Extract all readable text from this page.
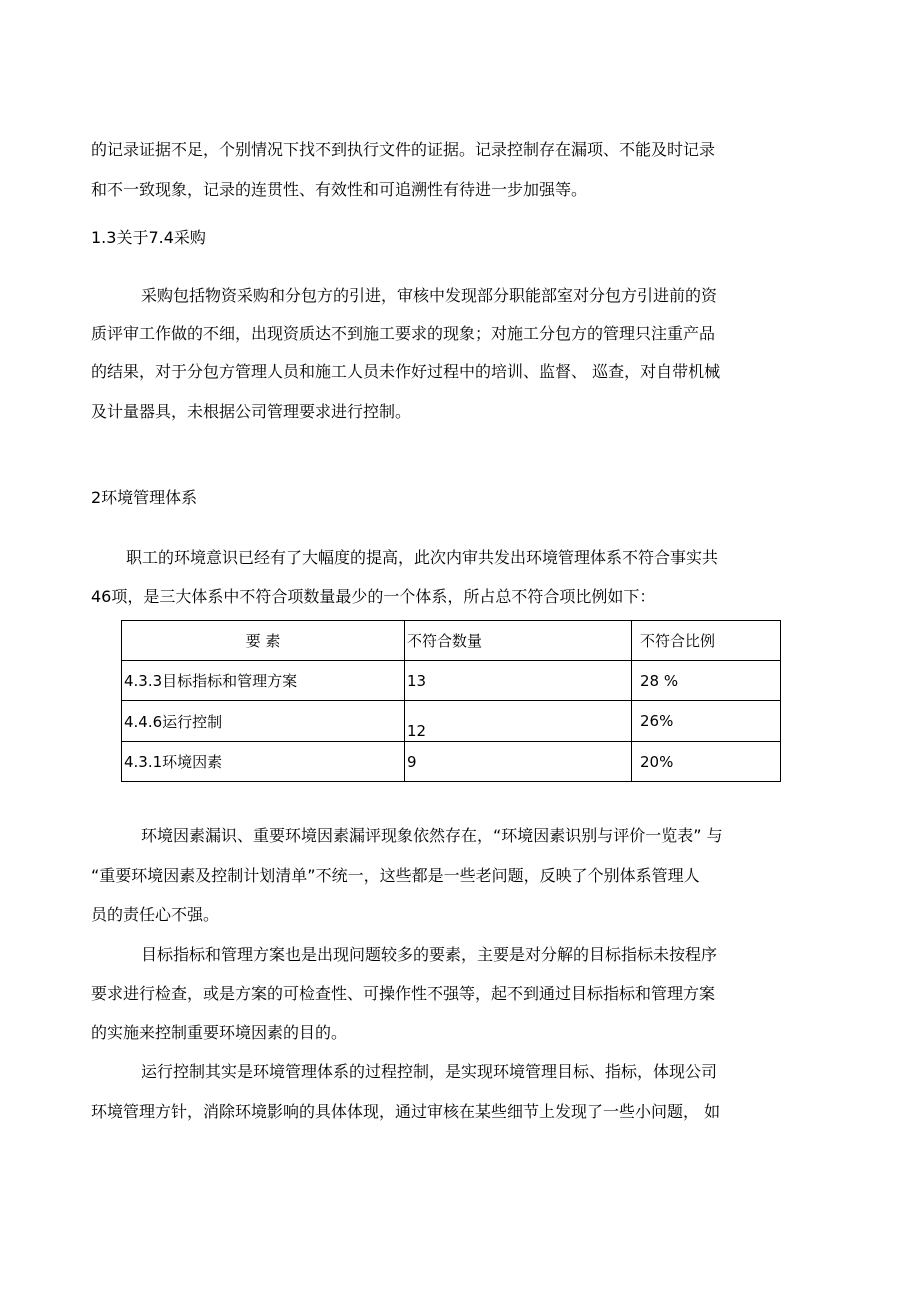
的记录证据不足，个别情况下找不到执行文件的证据。记录控制存在漏项、不能及时记录
和不一致现象，记录的连贯性、有效性和可追溯性有待进一步加强等。
1.3关于7.4采购
采购包括物资采购和分包方的引进，审核中发现部分职能部室对分包方引进前的资
质评审工作做的不细，出现资质达不到施工要求的现象；对施工分包方的管理只注重产品
的结果，对于分包方管理人员和施工人员未作好过程中的培训、监督、 巡查，对自带机械
及计量器具，未根据公司管理要求进行控制。
2环境管理体系
职工的环境意识已经有了大幅度的提高，此次内审共发出环境管理体系不符合事实共
46项，是三大体系中不符合项数量最少的一个体系，所占总不符合项比例如下：
要 素	不符合数量	不符合比例
4.3.3目标指标和管理方案	13	28 %
4.4.6运行控制	12	26%
4.3.1环境因素	9	20%
环境因素漏识、重要环境因素漏评现象依然存在，“环境因素识别与评价一览表” 与
“重要环境因素及控制计划清单”不统一，这些都是一些老问题，反映了个别体系管理人
员的责任心不强。
目标指标和管理方案也是出现问题较多的要素，主要是对分解的目标指标未按程序
要求进行检查，或是方案的可检查性、可操作性不强等，起不到通过目标指标和管理方案
的实施来控制重要环境因素的目的。
运行控制其实是环境管理体系的过程控制，是实现环境管理目标、指标，体现公司
环境管理方针，消除环境影响的具体体现，通过审核在某些细节上发现了一些小问题， 如
